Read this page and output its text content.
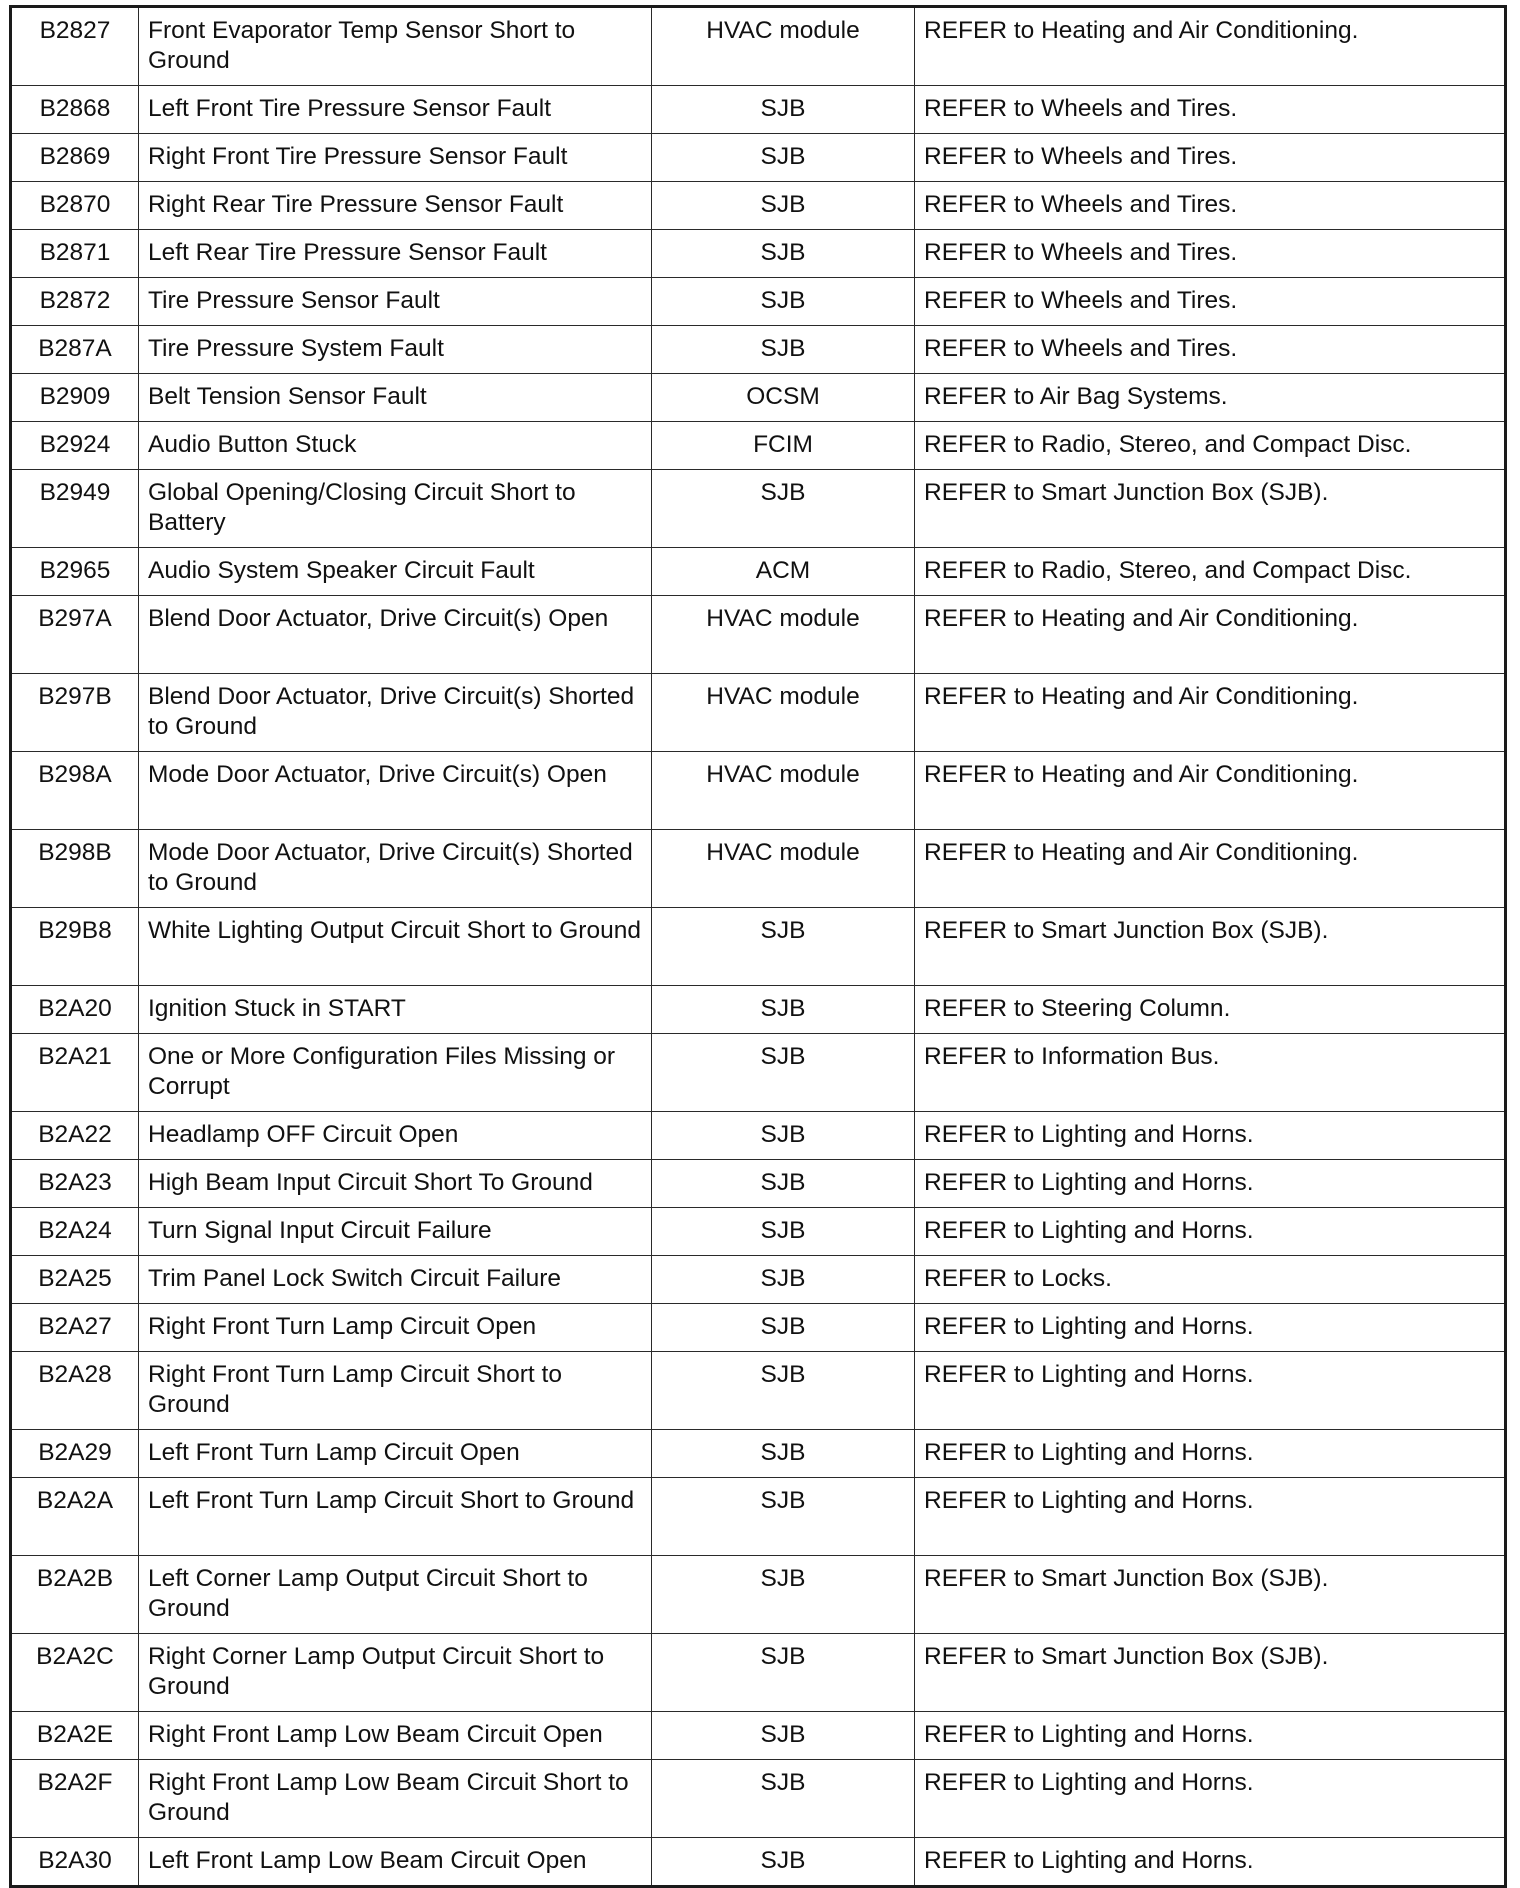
B2827	Front Evaporator Temp Sensor Short to Ground	HVAC module	REFER to Heating and Air Conditioning.
B2868	Left Front Tire Pressure Sensor Fault	SJB	REFER to Wheels and Tires.
B2869	Right Front Tire Pressure Sensor Fault	SJB	REFER to Wheels and Tires.
B2870	Right Rear Tire Pressure Sensor Fault	SJB	REFER to Wheels and Tires.
B2871	Left Rear Tire Pressure Sensor Fault	SJB	REFER to Wheels and Tires.
B2872	Tire Pressure Sensor Fault	SJB	REFER to Wheels and Tires.
B287A	Tire Pressure System Fault	SJB	REFER to Wheels and Tires.
B2909	Belt Tension Sensor Fault	OCSM	REFER to Air Bag Systems.
B2924	Audio Button Stuck	FCIM	REFER to Radio, Stereo, and Compact Disc.
B2949	Global Opening/Closing Circuit Short to Battery	SJB	REFER to Smart Junction Box (SJB).
B2965	Audio System Speaker Circuit Fault	ACM	REFER to Radio, Stereo, and Compact Disc.
B297A	Blend Door Actuator, Drive Circuit(s) Open	HVAC module	REFER to Heating and Air Conditioning.
B297B	Blend Door Actuator, Drive Circuit(s) Shorted to Ground	HVAC module	REFER to Heating and Air Conditioning.
B298A	Mode Door Actuator, Drive Circuit(s) Open	HVAC module	REFER to Heating and Air Conditioning.
B298B	Mode Door Actuator, Drive Circuit(s) Shorted to Ground	HVAC module	REFER to Heating and Air Conditioning.
B29B8	White Lighting Output Circuit Short to Ground	SJB	REFER to Smart Junction Box (SJB).
B2A20	Ignition Stuck in START	SJB	REFER to Steering Column.
B2A21	One or More Configuration Files Missing or Corrupt	SJB	REFER to Information Bus.
B2A22	Headlamp OFF Circuit Open	SJB	REFER to Lighting and Horns.
B2A23	High Beam Input Circuit Short To Ground	SJB	REFER to Lighting and Horns.
B2A24	Turn Signal Input Circuit Failure	SJB	REFER to Lighting and Horns.
B2A25	Trim Panel Lock Switch Circuit Failure	SJB	REFER to Locks.
B2A27	Right Front Turn Lamp Circuit Open	SJB	REFER to Lighting and Horns.
B2A28	Right Front Turn Lamp Circuit Short to Ground	SJB	REFER to Lighting and Horns.
B2A29	Left Front Turn Lamp Circuit Open	SJB	REFER to Lighting and Horns.
B2A2A	Left Front Turn Lamp Circuit Short to Ground	SJB	REFER to Lighting and Horns.
B2A2B	Left Corner Lamp Output Circuit Short to Ground	SJB	REFER to Smart Junction Box (SJB).
B2A2C	Right Corner Lamp Output Circuit Short to Ground	SJB	REFER to Smart Junction Box (SJB).
B2A2E	Right Front Lamp Low Beam Circuit Open	SJB	REFER to Lighting and Horns.
B2A2F	Right Front Lamp Low Beam Circuit Short to Ground	SJB	REFER to Lighting and Horns.
B2A30	Left Front Lamp Low Beam Circuit Open	SJB	REFER to Lighting and Horns.
